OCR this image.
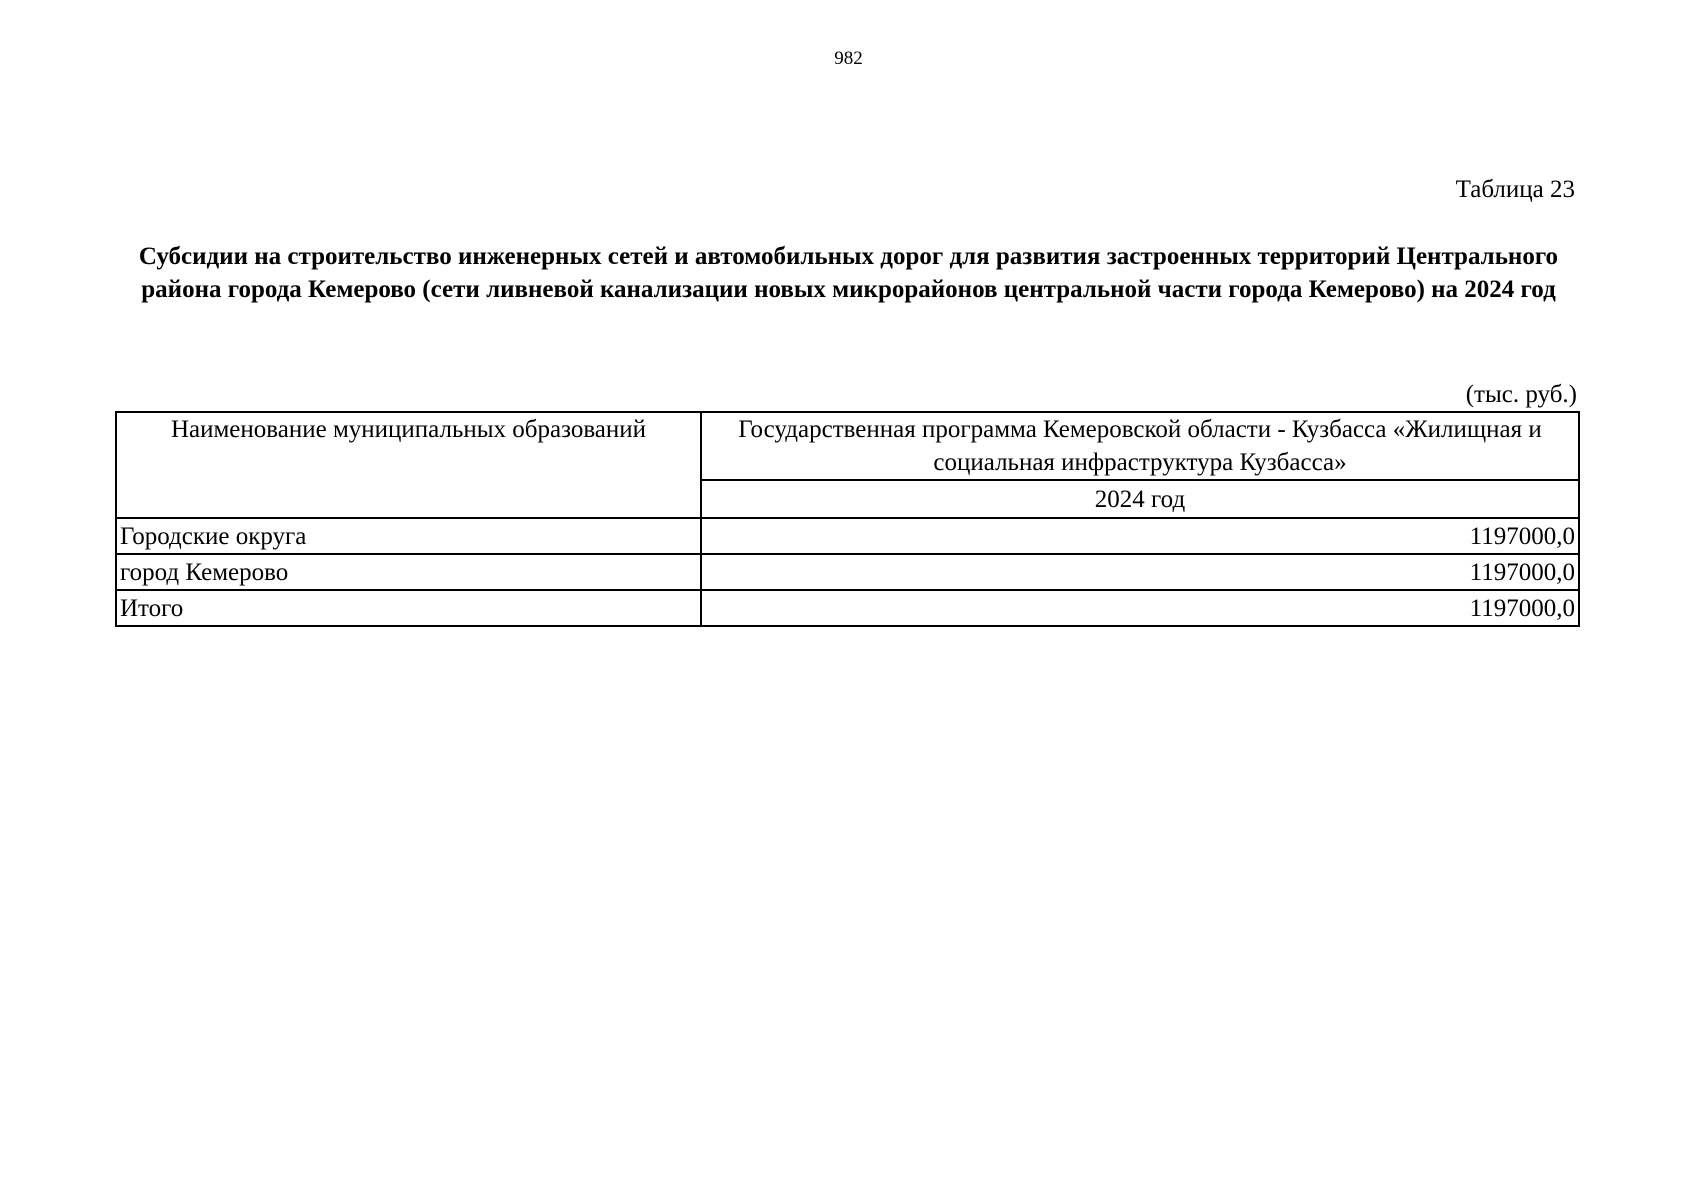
982
Таблица 23
Субсидии на строительство инженерных сетей и автомобильных дорог для развития застроенных территорий Центрального района города Кемерово (сети ливневой канализации новых микрорайонов центральной части города Кемерово) на 2024 год
(тыс. руб.)
Наименование муниципальных образований	Государственная программа Кемеровской области - Кузбасса «Жилищная и социальная инфраструктура Кузбасса»
	2024 год
Городские округа	1197000,0
город Кемерово	1197000,0
Итого	1197000,0
